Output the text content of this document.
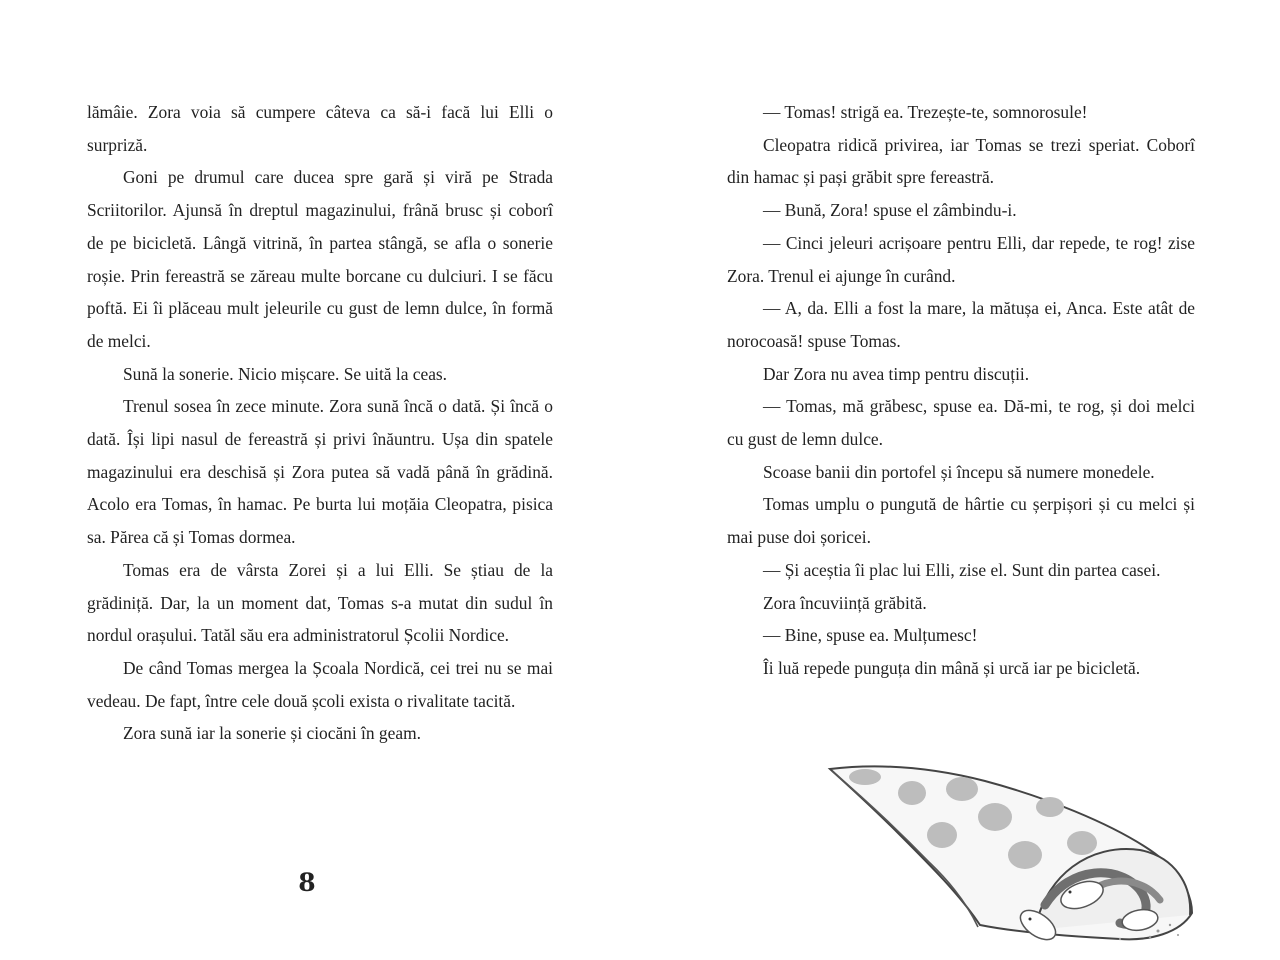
lămâie. Zora voia să cumpere câteva ca să-i facă lui Elli o surpriză.

Goni pe drumul care ducea spre gară și viră pe Strada Scriitorilor. Ajunsă în dreptul magazinului, frână brusc și coborî de pe bicicletă. Lângă vitrină, în partea stângă, se afla o sonerie roșie. Prin fereastră se zăreau multe borcane cu dulciuri. I se făcu poftă. Ei îi plăceau mult jeleurile cu gust de lemn dulce, în formă de melci.

Sună la sonerie. Nicio mișcare. Se uită la ceas.

Trenul sosea în zece minute. Zora sună încă o dată. Și încă o dată. Își lipi nasul de fereastră și privi înăuntru. Ușa din spatele magazinului era deschisă și Zora putea să vadă până în grădină. Acolo era Tomas, în hamac. Pe burta lui moțăia Cleopatra, pisica sa. Părea că și Tomas dormea.

Tomas era de vârsta Zorei și a lui Elli. Se știau de la grădiniță. Dar, la un moment dat, Tomas s-a mutat din sudul în nordul orașului. Tatăl său era administratorul Școlii Nordice.

De când Tomas mergea la Școala Nordică, cei trei nu se mai vedeau. De fapt, între cele două școli exista o rivalitate tacită.

Zora sună iar la sonerie și ciocăni în geam.

8

— Tomas! strigă ea. Trezește-te, somnorosule!

Cleopatra ridică privirea, iar Tomas se trezi speriat. Coborî din hamac și pași grăbit spre fereastră.

— Bună, Zora! spuse el zâmbindu-i.

— Cinci jeleuri acrișoare pentru Elli, dar repede, te rog! zise Zora. Trenul ei ajunge în curând.

— A, da. Elli a fost la mare, la mătușa ei, Anca. Este atât de norocoasă! spuse Tomas.

Dar Zora nu avea timp pentru discuții.

— Tomas, mă grăbesc, spuse ea. Dă-mi, te rog, și doi melci cu gust de lemn dulce.

Scoase banii din portofel și începu să numere monedele.

Tomas umplu o pungută de hârtie cu șerpișori și cu melci și mai puse doi șoricei.

— Și aceștia îi plac lui Elli, zise el. Sunt din partea casei.

Zora încuviință grăbită.

— Bine, spuse ea. Mulțumesc!

Îi luă repede punguța din mână și urcă iar pe bicicletă.
